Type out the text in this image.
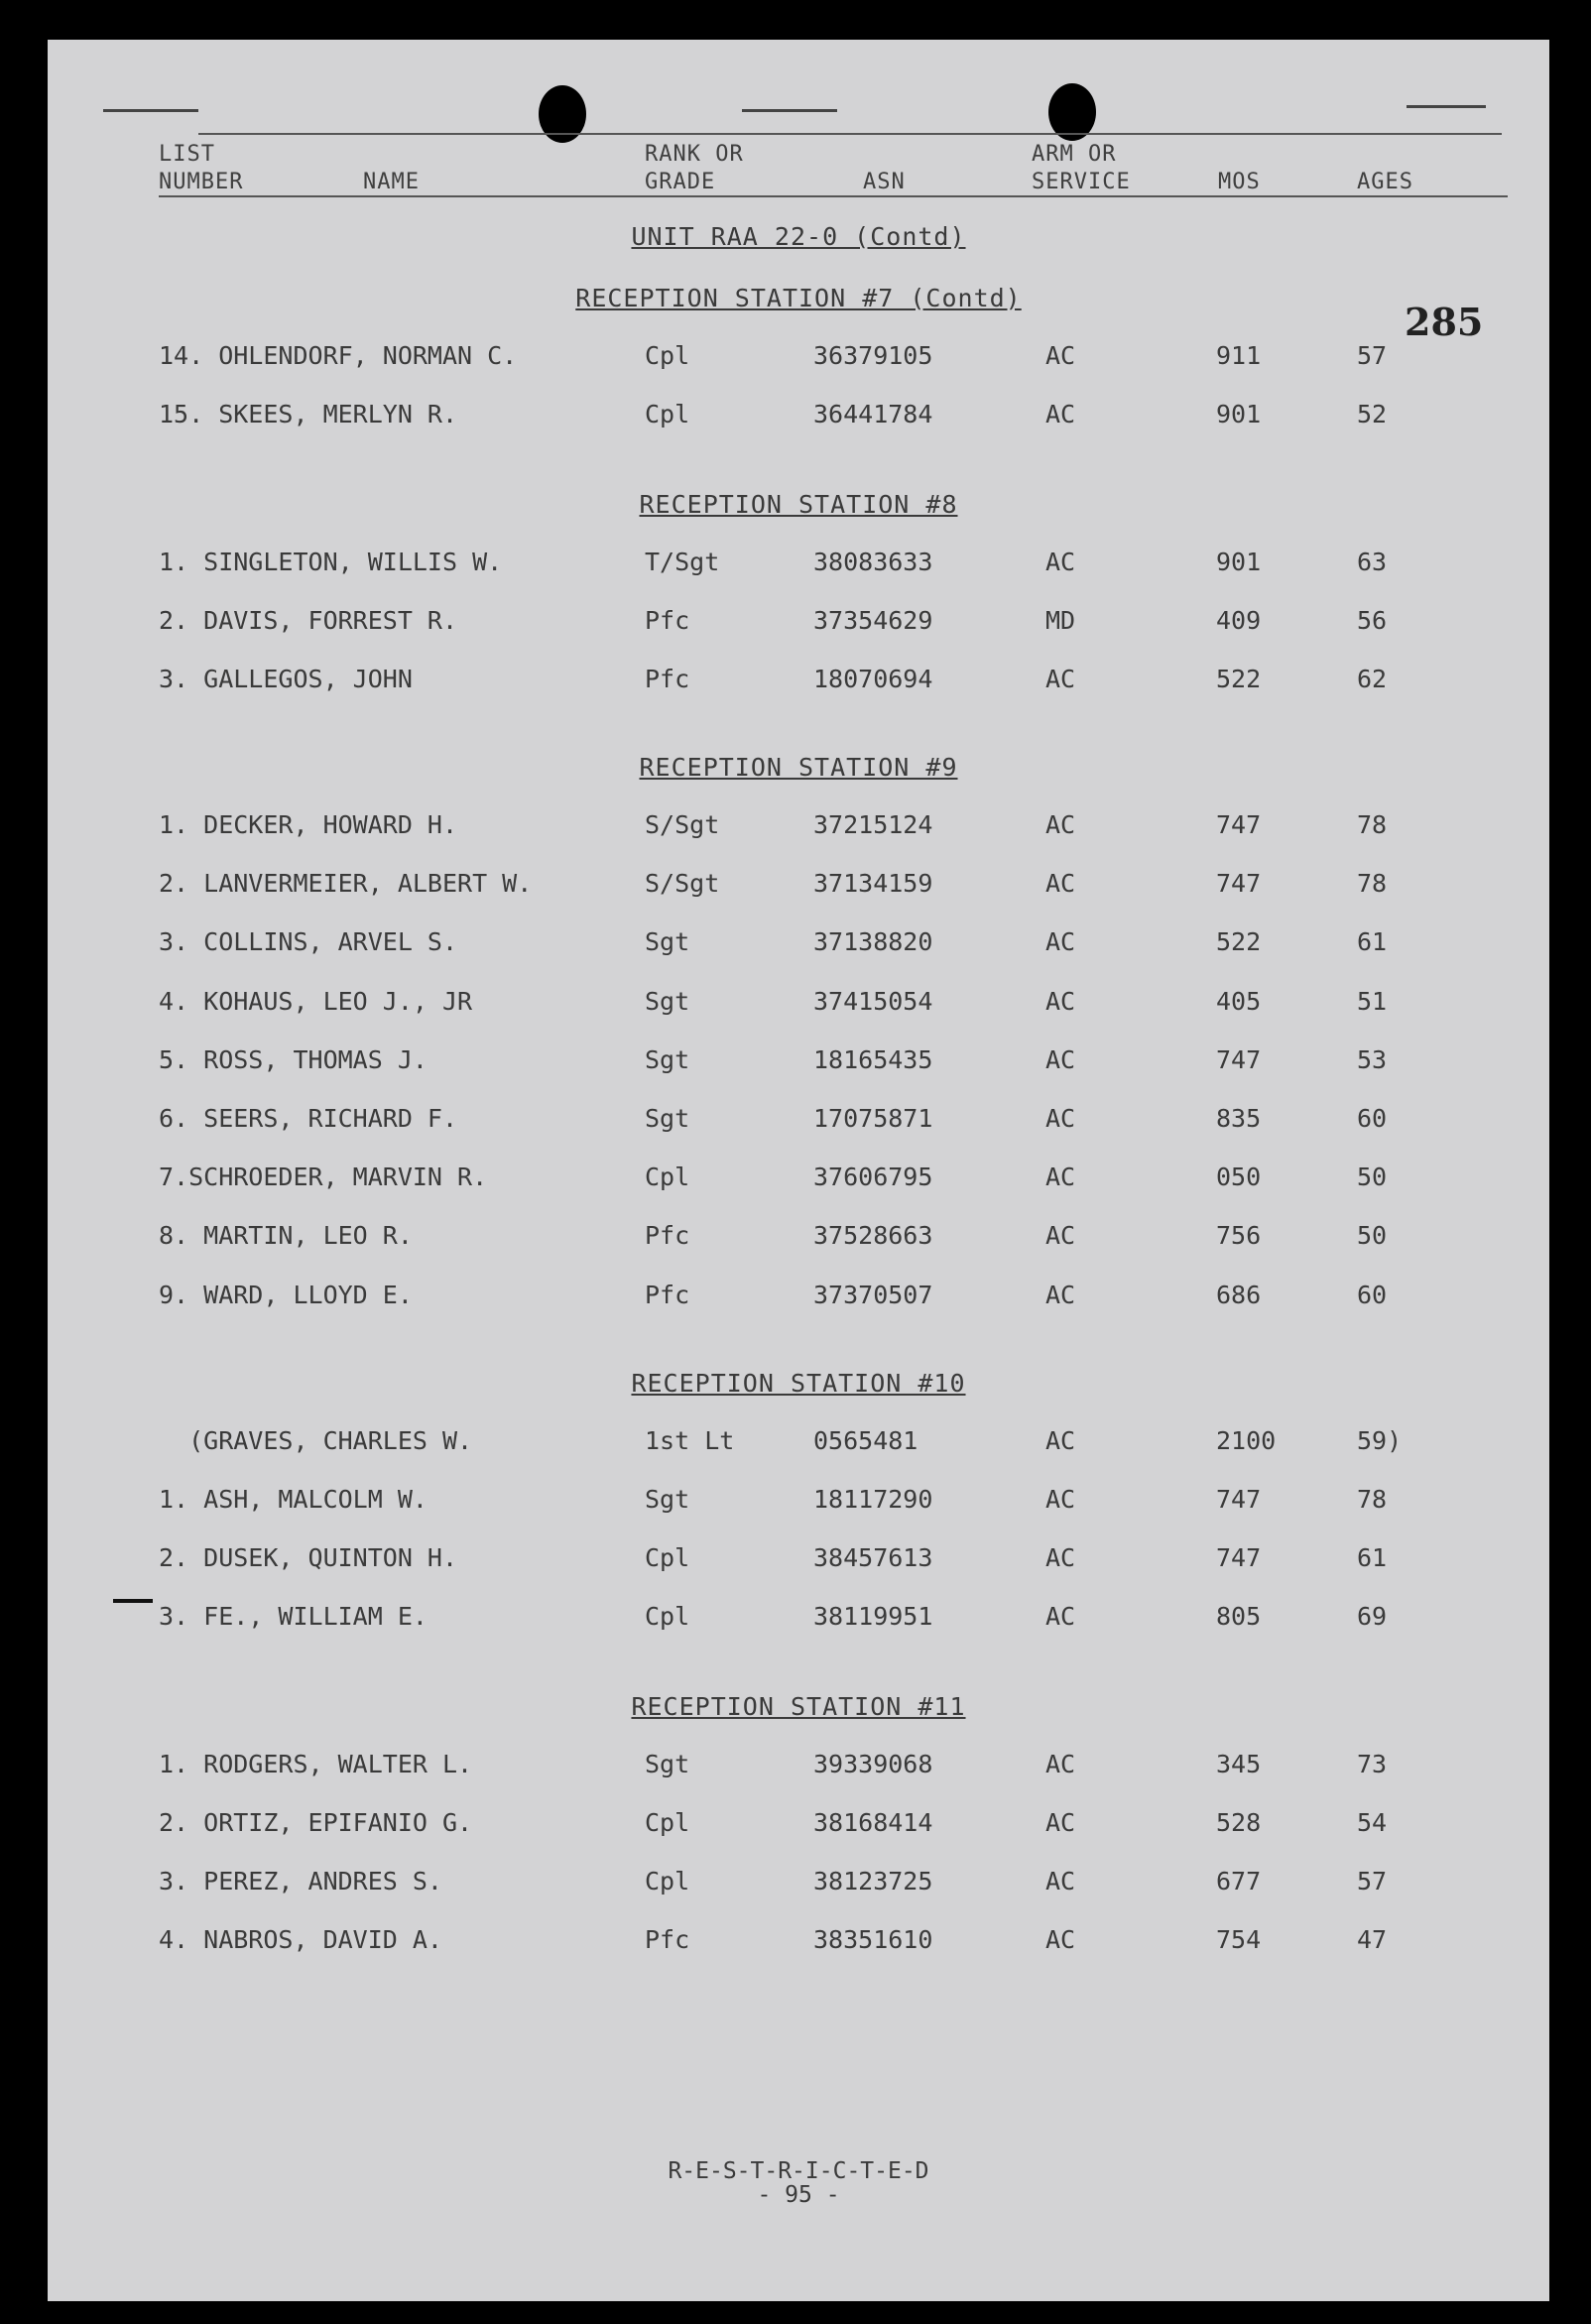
LIST
NUMBER	NAME
RANK OR
GRADE	ASN
ARM OR
SERVICE	MOS	AGES
285
UNIT RAA 22-0 (Contd)
RECEPTION STATION #7 (Contd)
14. OHLENDORF, NORMAN C.	Cpl	36379105	AC	911	57
15. SKEES, MERLYN R.	Cpl	36441784	AC	901	52
RECEPTION STATION #8
1. SINGLETON, WILLIS W.	T/Sgt	38083633	AC	901	63
2. DAVIS, FORREST R.	Pfc	37354629	MD	409	56
3. GALLEGOS, JOHN	Pfc	18070694	AC	522	62
RECEPTION STATION #9
1. DECKER, HOWARD H.	S/Sgt	37215124	AC	747	78
2. LANVERMEIER, ALBERT W.	S/Sgt	37134159	AC	747	78
3. COLLINS, ARVEL S.	Sgt	37138820	AC	522	61
4. KOHAUS, LEO J., JR	Sgt	37415054	AC	405	51
5. ROSS, THOMAS J.	Sgt	18165435	AC	747	53
6. SEERS, RICHARD F.	Sgt	17075871	AC	835	60
7.SCHROEDER, MARVIN R.	Cpl	37606795	AC	050	50
8. MARTIN, LEO R.	Pfc	37528663	AC	756	50
9. WARD, LLOYD E.	Pfc	37370507	AC	686	60
RECEPTION STATION #10
(GRAVES, CHARLES W.	1st Lt	0565481	AC	2100	59)
1. ASH, MALCOLM W.	Sgt	18117290	AC	747	78
2. DUSEK, QUINTON H.	Cpl	38457613	AC	747	61
3. FE., WILLIAM E.	Cpl	38119951	AC	805	69
RECEPTION STATION #11
1. RODGERS, WALTER L.	Sgt	39339068	AC	345	73
2. ORTIZ, EPIFANIO G.	Cpl	38168414	AC	528	54
3. PEREZ, ANDRES S.	Cpl	38123725	AC	677	57
4. NABROS, DAVID A.	Pfc	38351610	AC	754	47
R-E-S-T-R-I-C-T-E-D
- 95 -
